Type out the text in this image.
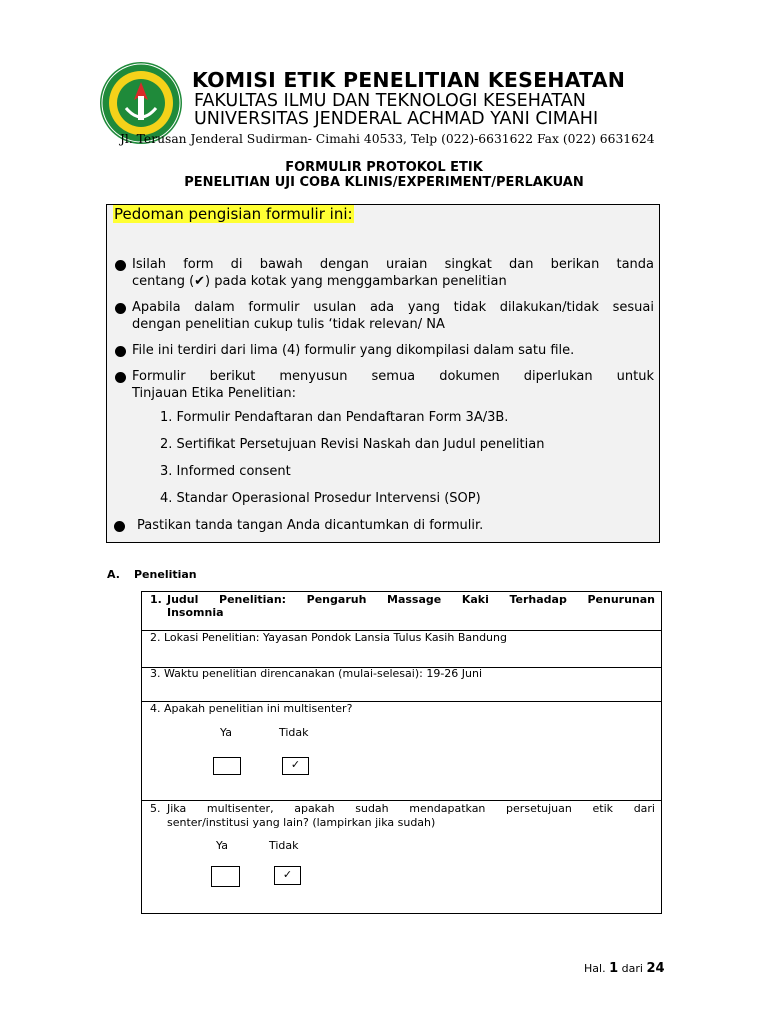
KOMISI ETIK PENELITIAN KESEHATAN
FAKULTAS ILMU DAN TEKNOLOGI KESEHATAN
UNIVERSITAS JENDERAL ACHMAD YANI CIMAHI
Jl. Terusan Jenderal Sudirman- Cimahi 40533, Telp (022)-6631622 Fax (022) 6631624
FORMULIR PROTOKOL ETIK
PENELITIAN UJI COBA KLINIS/EXPERIMENT/PERLAKUAN
Pedoman pengisian formulir ini:
Isilah form di bawah dengan uraian singkat dan berikan tanda
centang (✔) pada kotak yang menggambarkan penelitian
Apabila dalam formulir usulan ada yang tidak dilakukan/tidak sesuai
dengan penelitian cukup tulis ‘tidak relevan/ NA
File ini terdiri dari lima (4) formulir yang dikompilasi dalam satu file.
Formulir berikut menyusun semua dokumen diperlukan untuk
Tinjauan Etika Penelitian:
1. Formulir Pendaftaran dan Pendaftaran Form 3A/3B.
2. Sertifikat Persetujuan Revisi Naskah dan Judul penelitian
3. Informed consent
4. Standar Operasional Prosedur Intervensi (SOP)
Pastikan tanda tangan Anda dicantumkan di formulir.
A. Penelitian
1. Judul Penelitian: Pengaruh Massage Kaki Terhadap Penurunan
Insomnia
2. Lokasi Penelitian: Yayasan Pondok Lansia Tulus Kasih Bandung
3. Waktu penelitian direncanakan (mulai-selesai): 19-26 Juni
4. Apakah penelitian ini multisenter?
Ya	Tidak
✓
5. Jika multisenter, apakah sudah mendapatkan persetujuan etik dari
senter/institusi yang lain? (lampirkan jika sudah)
Ya	Tidak
✓
Hal. 1 dari 24
